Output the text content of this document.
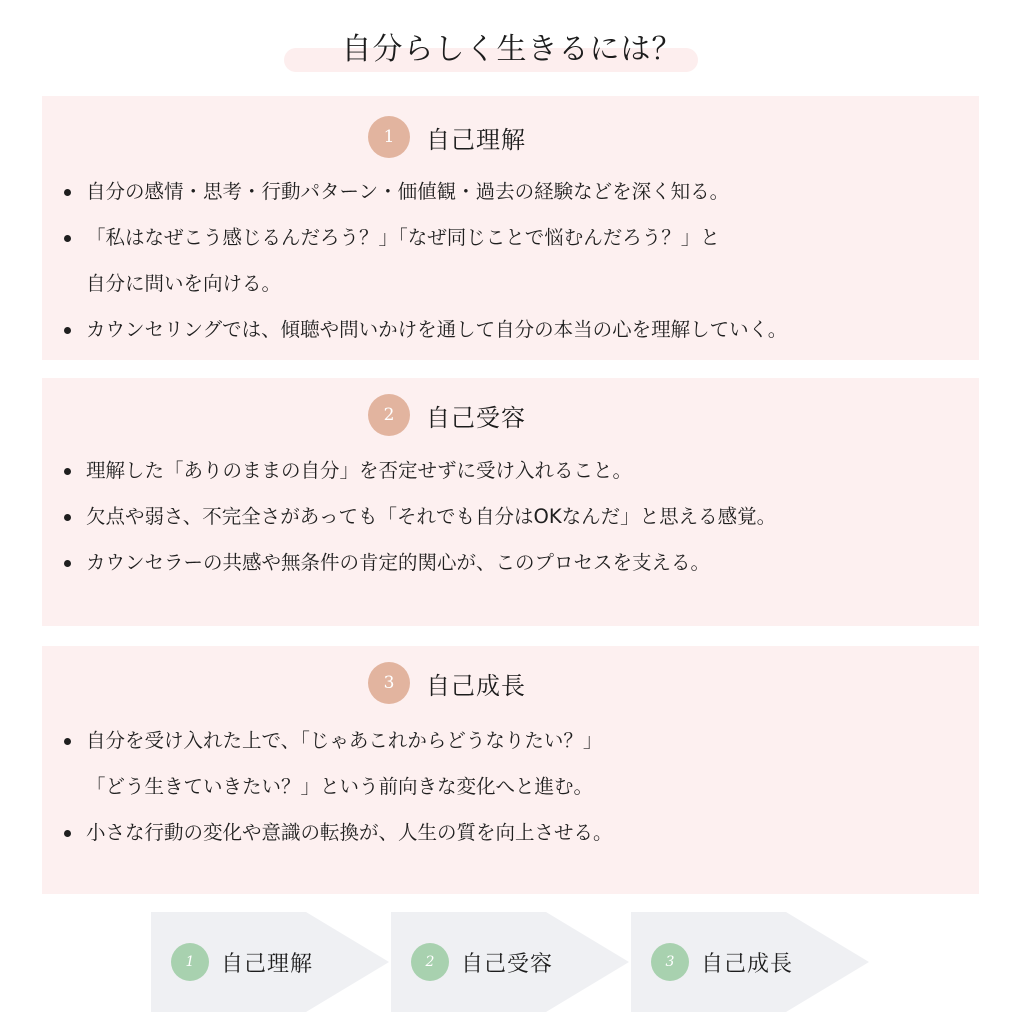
自分らしく生きるには？
1	自己理解
自分の感情・思考・行動パターン・価値観・過去の経験などを深く知る。
「私はなぜこう感じるんだろう？」「なぜ同じことで悩むんだろう？」と
自分に問いを向ける。
カウンセリングでは、傾聴や問いかけを通して自分の本当の心を理解していく。
2	自己受容
理解した「ありのままの自分」を否定せずに受け入れること。
欠点や弱さ、不完全さがあっても「それでも自分はOKなんだ」と思える感覚。
カウンセラーの共感や無条件の肯定的関心が、このプロセスを支える。
3	自己成長
自分を受け入れた上で、「じゃあこれからどうなりたい？」
「どう生きていきたい？」という前向きな変化へと進む。
小さな行動の変化や意識の転換が、人生の質を向上させる。
1	自己理解	2	自己受容	3	自己成長
